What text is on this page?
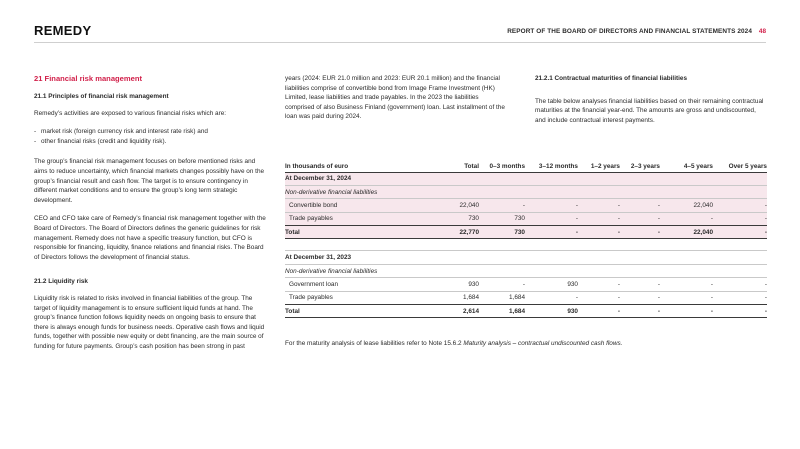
REMEDY	REPORT OF THE BOARD OF DIRECTORS AND FINANCIAL STATEMENTS 2024 48
21 Financial risk management
21.1 Principles of financial risk management
Remedy’s activities are exposed to various financial risks which are:
- market risk (foreign currency risk and interest rate risk) and
- other financial risks (credit and liquidity risk).
The group’s financial risk management focuses on before mentioned risks and aims to reduce uncertainty, which financial markets changes possibly have on the group’s financial result and cash flow. The target is to ensure contingency in different market conditions and to ensure the group’s long term strategic development.
CEO and CFO take care of Remedy’s financial risk management together with the Board of Directors. The Board of Directors defines the generic guidelines for risk management. Remedy does not have a specific treasury function, but CFO is responsible for financing, liquidity, finance relations and financial risks. The Board of Directors follows the development of financial status.
21.2 Liquidity risk
Liquidity risk is related to risks involved in financial liabilities of the group. The target of liquidity management is to ensure sufficient liquid funds at hand. The group’s finance function follows liquidity needs on ongoing basis to ensure that there is always enough funds for business needs. Operative cash flows and liquid funds, together with possible new equity or debt financing, are the main source of funding for future payments. Group’s cash position has been strong in past
years (2024: EUR 21.0 million and 2023: EUR 20.1 million) and the financial liabilities comprise of convertible bond from Image Frame Investment (HK) Limited, lease liabilities and trade payables. In the 2023 the liabilities comprised of also Business Finland (government) loan. Last installment of the loan was paid during 2024.
21.2.1 Contractual maturities of financial liabilities
The table below analyses financial liabilities based on their remaining contractual maturities at the financial year-end. The amounts are gross and undiscounted, and include contractual interest payments.
In thousands of euro	Total	0–3 months	3–12 months	1–2 years	2–3 years	4–5 years	Over 5 years
At December 31, 2024							
Non-derivative financial liabilities							
Convertible bond	22,040	-	-	-	-	22,040	-
Trade payables	730	730	-	-	-	-	-
Total	22,770	730	-	-	-	22,040	-

At December 31, 2023							
Non-derivative financial liabilities							
Government loan	930	-	930	-	-	-	-
Trade payables	1,684	1,684	-	-	-	-	-
Total	2,614	1,684	930	-	-	-	-
For the maturity analysis of lease liabilities refer to Note 15.6.2 Maturity analysis – contractual undiscounted cash flows.
